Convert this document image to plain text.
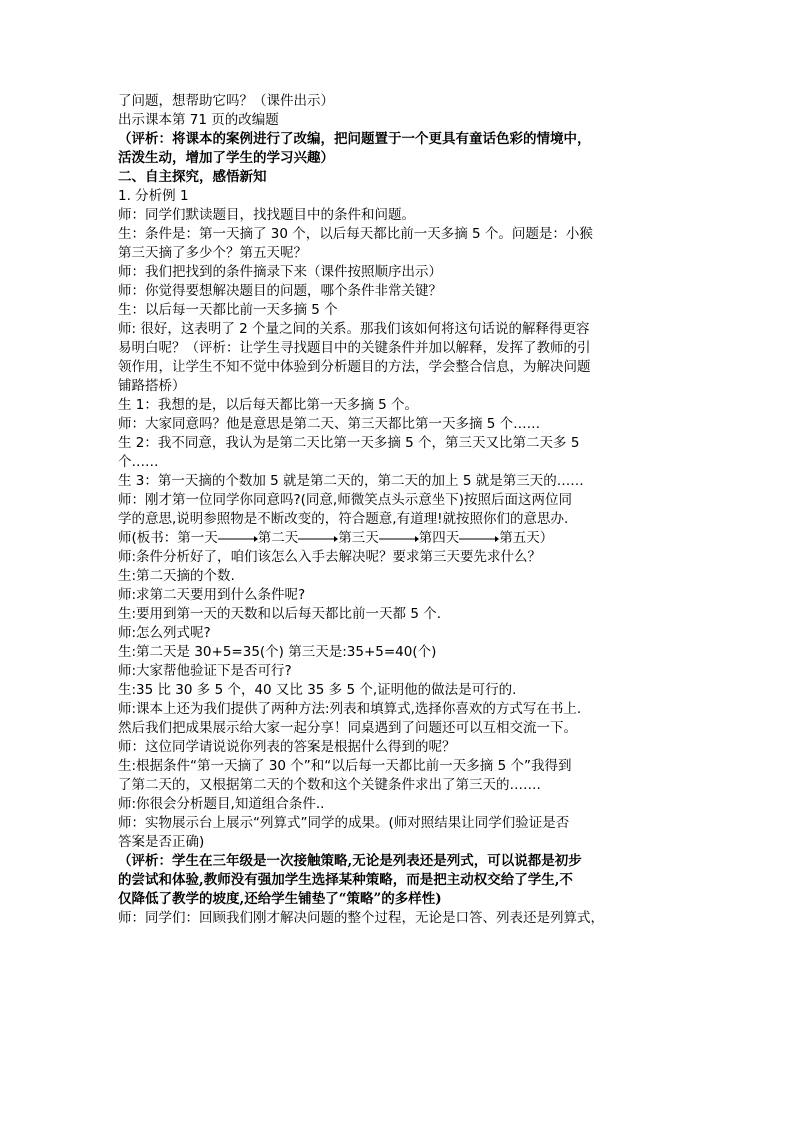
了问题，想帮助它吗？（课件出示）
出示课本第 71 页的改编题
（评析：将课本的案例进行了改编，把问题置于一个更具有童话色彩的情境中，
活泼生动，增加了学生的学习兴趣）
二、自主探究，感悟新知
1. 分析例 1
师：同学们默读题目，找找题目中的条件和问题。
生：条件是：第一天摘了 30 个，以后每天都比前一天多摘 5 个。问题是：小猴
第三天摘了多少个？第五天呢？
师：我们把找到的条件摘录下来（课件按照顺序出示）
师：你觉得要想解决题目的问题，哪个条件非常关键？
生：以后每一天都比前一天多摘 5 个
师: 很好，这表明了 2 个量之间的关系。那我们该如何将这句话说的解释得更容
易明白呢？（评析：让学生寻找题目中的关键条件并加以解释，发挥了教师的引
领作用，让学生不知不觉中体验到分析题目的方法，学会整合信息，为解决问题
铺路搭桥）
生 1：我想的是，以后每天都比第一天多摘 5 个。
师：大家同意吗？他是意思是第二天、第三天都比第一天多摘 5 个……
生 2：我不同意，我认为是第二天比第一天多摘 5 个，第三天又比第二天多 5
个……
生 3：第一天摘的个数加 5 就是第二天的，第二天的加上 5 就是第三天的……
师：刚才第一位同学你同意吗?(同意,师微笑点头示意坐下)按照后面这两位同
学的意思,说明参照物是不断改变的，符合题意,有道理!就按照你们的意思办.
师(板书： 第一天	第二天	第三天	第四天	第五天 ）
师:条件分析好了，咱们该怎么入手去解决呢？要求第三天要先求什么？
生:第二天摘的个数.
师:求第二天要用到什么条件呢?
生:要用到第一天的天数和以后每天都比前一天都 5 个.
师:怎么列式呢?
生:第二天是 30+5=35(个) 第三天是:35+5=40(个)
师:大家帮他验证下是否可行?
生:35 比 30 多 5 个，40 又比 35 多 5 个,证明他的做法是可行的.
师:课本上还为我们提供了两种方法:列表和填算式,选择你喜欢的方式写在书上.
然后我们把成果展示给大家一起分享！同桌遇到了问题还可以互相交流一下。
师：这位同学请说说你列表的答案是根据什么得到的呢？
生:根据条件“第一天摘了 30 个”和“以后每一天都比前一天多摘 5 个”我得到
了第二天的，又根据第二天的个数和这个关键条件求出了第三天的…….
师:你很会分析题目,知道组合条件..
师：实物展示台上展示“列算式”同学的成果。(师对照结果让同学们验证是否
答案是否正确)
（评析：学生在三年级是一次接触策略,无论是列表还是列式，可以说都是初步
的尝试和体验,教师没有强加学生选择某种策略，而是把主动权交给了学生,不
仅降低了教学的坡度,还给学生铺垫了“策略”的多样性)
师：同学们：回顾我们刚才解决问题的整个过程，无论是口答、列表还是列算式，
